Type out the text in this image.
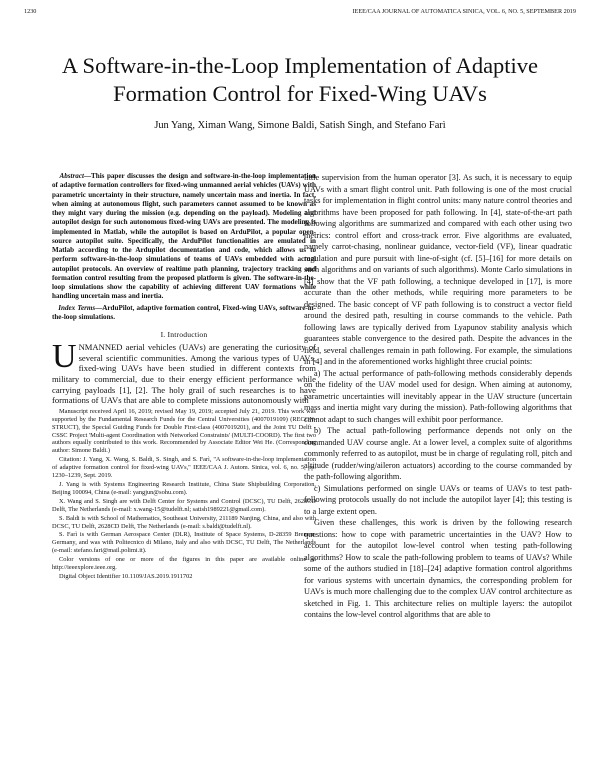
1230	IEEE/CAA JOURNAL OF AUTOMATICA SINICA, VOL. 6, NO. 5, SEPTEMBER 2019
A Software-in-the-Loop Implementation of Adaptive Formation Control for Fixed-Wing UAVs
Jun Yang, Ximan Wang, Simone Baldi, Satish Singh, and Stefano Farì

Abstract—This paper discusses the design and software-in-the-loop implementation of adaptive formation controllers for fixed-wing unmanned aerial vehicles (UAVs) with parametric uncertainty in their structure, namely uncertain mass and inertia. In fact, when aiming at autonomous flight, such parameters cannot assumed to be known as they might vary during the mission (e.g. depending on the payload). Modeling and autopilot design for such autonomous fixed-wing UAVs are presented. The modeling is implemented in Matlab, while the autopilot is based on ArduPilot, a popular open-source autopilot suite. Specifically, the ArduPilot functionalities are emulated in Matlab according to the Ardupilot documentation and code, which allows us to perform software-in-the-loop simulations of teams of UAVs embedded with actual autopilot protocols. An overview of realtime path planning, trajectory tracking and formation control resulting from the proposed platform is given. The software-in-the-loop simulations show the capability of achieving different UAV formations while handling uncertain mass and inertia.

Index Terms—ArduPilot, adaptive formation control, Fixed-wing UAVs, software-in-the-loop simulations.

I. Introduction

UNMANNED aerial vehicles (UAVs) are generating the curiosity of several scientific communities. Among the various types of UAVs, fixed-wing UAVs have been studied in different contexts from military to commercial, due to their energy efficient performance while carrying payloads [1], [2]. The holy grail of such researches is to have formations of UAVs that are able to complete missions autonomously with

Manuscript received April 16, 2019; revised May 19, 2019; accepted July 21, 2019. This work was supported by the Fundamental Research Funds for the Central Universities (4007019109) (RECON-STRUCT), the Special Guiding Funds for Double First-class (4007019201), and the Joint TU Delft - CSSC Project 'Multi-agent Coordination with Networked Constraints' (MULTI-COORD). The first two authors equally contributed to this work. Recommended by Associate Editor Wei He. (Corresponding author: Simone Baldi.)

Citation: J. Yang, X. Wang, S. Baldi, S. Singh, and S. Farì, "A software-in-the-loop implementation of adaptive formation control for fixed-wing UAVs," IEEE/CAA J. Autom. Sinica, vol. 6, no. 5, pp. 1230–1239, Sept. 2019.

J. Yang is with Systems Engineering Research Institute, China State Shipbuilding Corporation, Beijing 100094, China (e-mail: yangjun@sohu.com).

X. Wang and S. Singh are with Delft Center for Systems and Control (DCSC), TU Delft, 2628CD Delft, The Netherlands (e-mail: x.wang-15@tudelft.nl; satish1989221@gmail.com).

S. Baldi is with School of Mathematics, Southeast University, 211189 Nanjing, China, and also with DCSC, TU Delft, 2628CD Delft, The Netherlands (e-mail: s.baldi@tudelft.nl).

S. Farì is with German Aerospace Center (DLR), Institute of Space Systems, D-28359 Bremen, Germany, and was with Politecnico di Milano, Italy and also with DCSC, TU Delft, The Netherlands (e-mail: stefano.fari@mail.polimi.it).

Color versions of one or more of the figures in this paper are available online at http://ieeexplore.ieee.org.

Digital Object Identifier 10.1109/JAS.2019.1911702

little supervision from the human operator [3]. As such, it is necessary to equip UAVs with a smart flight control unit. Path following is one of the most crucial tasks for implementation in flight control units: many nature control theories and algorithms have been proposed for path following. In [4], state-of-the-art path following algorithms are summarized and compared with each other using two metrics: control effort and cross-track error. Five algorithms are evaluated, namely carrot-chasing, nonlinear guidance, vector-field (VF), linear quadratic regulation and pure pursuit with line-of-sight (cf. [5]–[16] for more details on such algorithms and on variants of such algorithms). Monte Carlo simulations in [4] show that the VF path following, a technique developed in [17], is more accurate than the other methods, while requiring more parameters to be designed. The basic concept of VF path following is to construct a vector field around the desired path, resulting in course commands to the vehicle. Path following laws are typically derived from Lyapunov stability analysis which guarantees stable convergence to the desired path. Despite the advances in the field, several challenges remain in path following. For example, the simulations in [4] and in the aforementioned works highlight three crucial points:

a) The actual performance of path-following methods considerably depends on the fidelity of the UAV model used for design. When aiming at autonomy, parametric uncertainties will inevitably appear in the UAV structure (uncertain mass and inertia might vary during the mission). Path-following algorithms that cannot adapt to such changes will exhibit poor performance.

b) The actual path-following performance depends not only on the commanded UAV course angle. At a lower level, a complex suite of algorithms commonly referred to as autopilot, must be in charge of regulating roll, pitch and altitude (rudder/wing/aileron actuators) according to the course commanded by the path-following algorithm.

c) Simulations performed on single UAVs or teams of UAVs to test path-following protocols usually do not include the autopilot layer [4]; this testing is to a large extent open.

Given these challenges, this work is driven by the following research questions: how to cope with parametric uncertainties in the UAV? How to account for the autopilot low-level control when testing path-following algorithms? How to scale the path-following problem to teams of UAVs? While some of the authors studied in [18]–[24] adaptive formation control algorithms for various systems with uncertain dynamics, the corresponding problem for UAVs is much more challenging due to the complex UAV control architecture as sketched in Fig. 1. This architecture relies on multiple layers: the autopilot contains the low-level control algorithms that are able to
